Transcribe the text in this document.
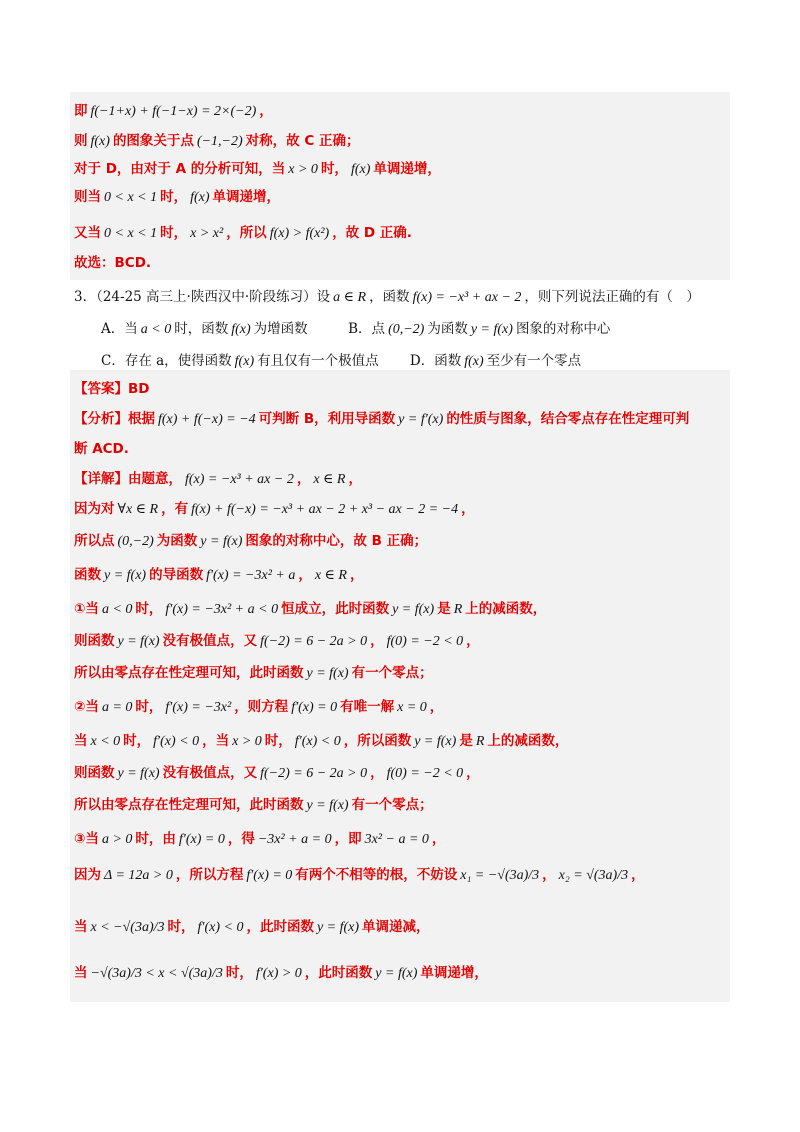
即 f(−1+x) + f(−1−x) = 2×(−2) ，
则 f(x) 的图象关于点 (−1,−2) 对称，故 C 正确；
对于 D，由对于 A 的分析可知，当 x > 0 时， f(x) 单调递增，
则当 0 < x < 1 时， f(x) 单调递增，
又当 0 < x < 1 时， x > x² ，所以 f(x) > f(x²) ，故 D 正确.
故选：BCD.
3．（24-25 高三上·陕西汉中·阶段练习）设 a ∈ R ，函数 f(x) = −x³ + ax − 2 ，则下列说法正确的有（　）
　　A．当 a < 0 时，函数 f(x) 为增函数　　　B．点 (0,−2) 为函数 y = f(x) 图象的对称中心
　　C．存在 a，使得函数 f(x) 有且仅有一个极值点　　 D．函数 f(x) 至少有一个零点
【答案】BD
【分析】根据 f(x) + f(−x) = −4 可判断 B，利用导函数 y = f′(x) 的性质与图象，结合零点存在性定理可判
断 ACD.
【详解】由题意， f(x) = −x³ + ax − 2 ， x ∈ R ，
因为对 ∀x ∈ R ，有 f(x) + f(−x) = −x³ + ax − 2 + x³ − ax − 2 = −4 ，
所以点 (0,−2) 为函数 y = f(x) 图象的对称中心，故 B 正确；
函数 y = f(x) 的导函数 f′(x) = −3x² + a ， x ∈ R ，
①当 a < 0 时， f′(x) = −3x² + a < 0 恒成立，此时函数 y = f(x) 是 R 上的减函数，
则函数 y = f(x) 没有极值点，又 f(−2) = 6 − 2a > 0 ， f(0) = −2 < 0 ，
所以由零点存在性定理可知，此时函数 y = f(x) 有一个零点；
②当 a = 0 时， f′(x) = −3x² ，则方程 f′(x) = 0 有唯一解 x = 0 ，
当 x < 0 时， f′(x) < 0 ，当 x > 0 时， f′(x) < 0 ，所以函数 y = f(x) 是 R 上的减函数，
则函数 y = f(x) 没有极值点，又 f(−2) = 6 − 2a > 0 ， f(0) = −2 < 0 ，
所以由零点存在性定理可知，此时函数 y = f(x) 有一个零点；
③当 a > 0 时，由 f′(x) = 0 ，得 −3x² + a = 0 ，即 3x² − a = 0 ，
因为 Δ = 12a > 0 ，所以方程 f′(x) = 0 有两个不相等的根，不妨设 x₁ = −√(3a)/3 ， x₂ = √(3a)/3 ，
当 x < −√(3a)/3 时， f′(x) < 0 ，此时函数 y = f(x) 单调递减，
当 −√(3a)/3 < x < √(3a)/3 时， f′(x) > 0 ，此时函数 y = f(x) 单调递增，
